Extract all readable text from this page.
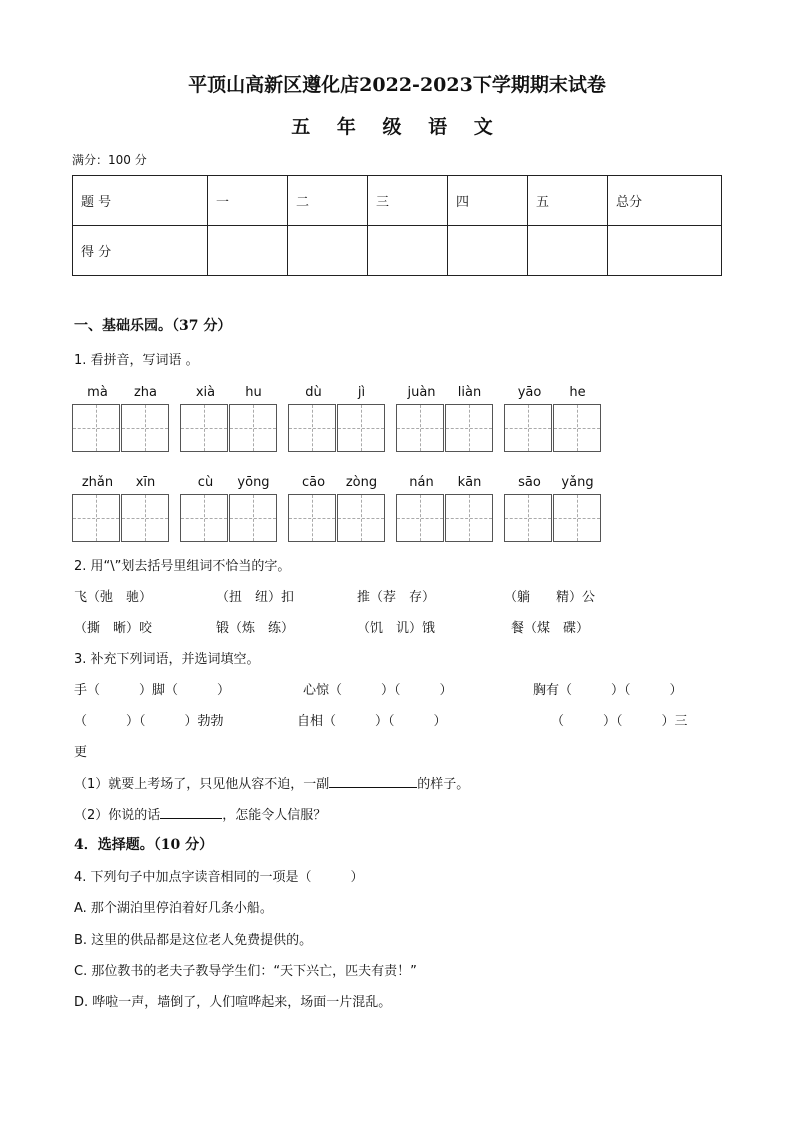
平顶山高新区遵化店2022-2023下学期期末试卷
五 年 级 语 文
满分：100 分
题 号	一	二	三	四	五	总分
得 分						
一、基础乐园。（37 分）
1. 看拼音，写词语 。
mà	zha	xià	hu	dù	jì	juàn	liàn	yāo	he
zhǎn	xīn	cù	yōng	cāo	zòng	nán	kān	sāo	yǎng
2. 用“\”划去括号里组词不恰当的字。
飞（弛　驰）	（扭　纽）扣	推（荐　存）	（躺　　精）公
（撕　晰）咬	锻（炼　练）	（饥　讥）饿	餐（煤　碟）
3. 补充下列词语，并选词填空。
手（　　　）脚（　　　）	心惊（　　　）（　　　）	胸有（　　　）（　　　）
（　　　）（　　　）勃勃	自相（　　　）（　　　）	（　　　）（　　　）三
更
（1）就要上考场了，只见他从容不迫，一副	的样子。
（2）你说的话	，怎能令人信服？
4．选择题。（10 分）
4. 下列句子中加点字读音相同的一项是（　　　）
A. 那个湖泊里停泊着好几条小船。
B. 这里的供品都是这位老人免费提供的。
C. 那位教书的老夫子教导学生们：“天下兴亡，匹夫有责！”
D. 哗啦一声，墙倒了，人们喧哗起来，场面一片混乱。
